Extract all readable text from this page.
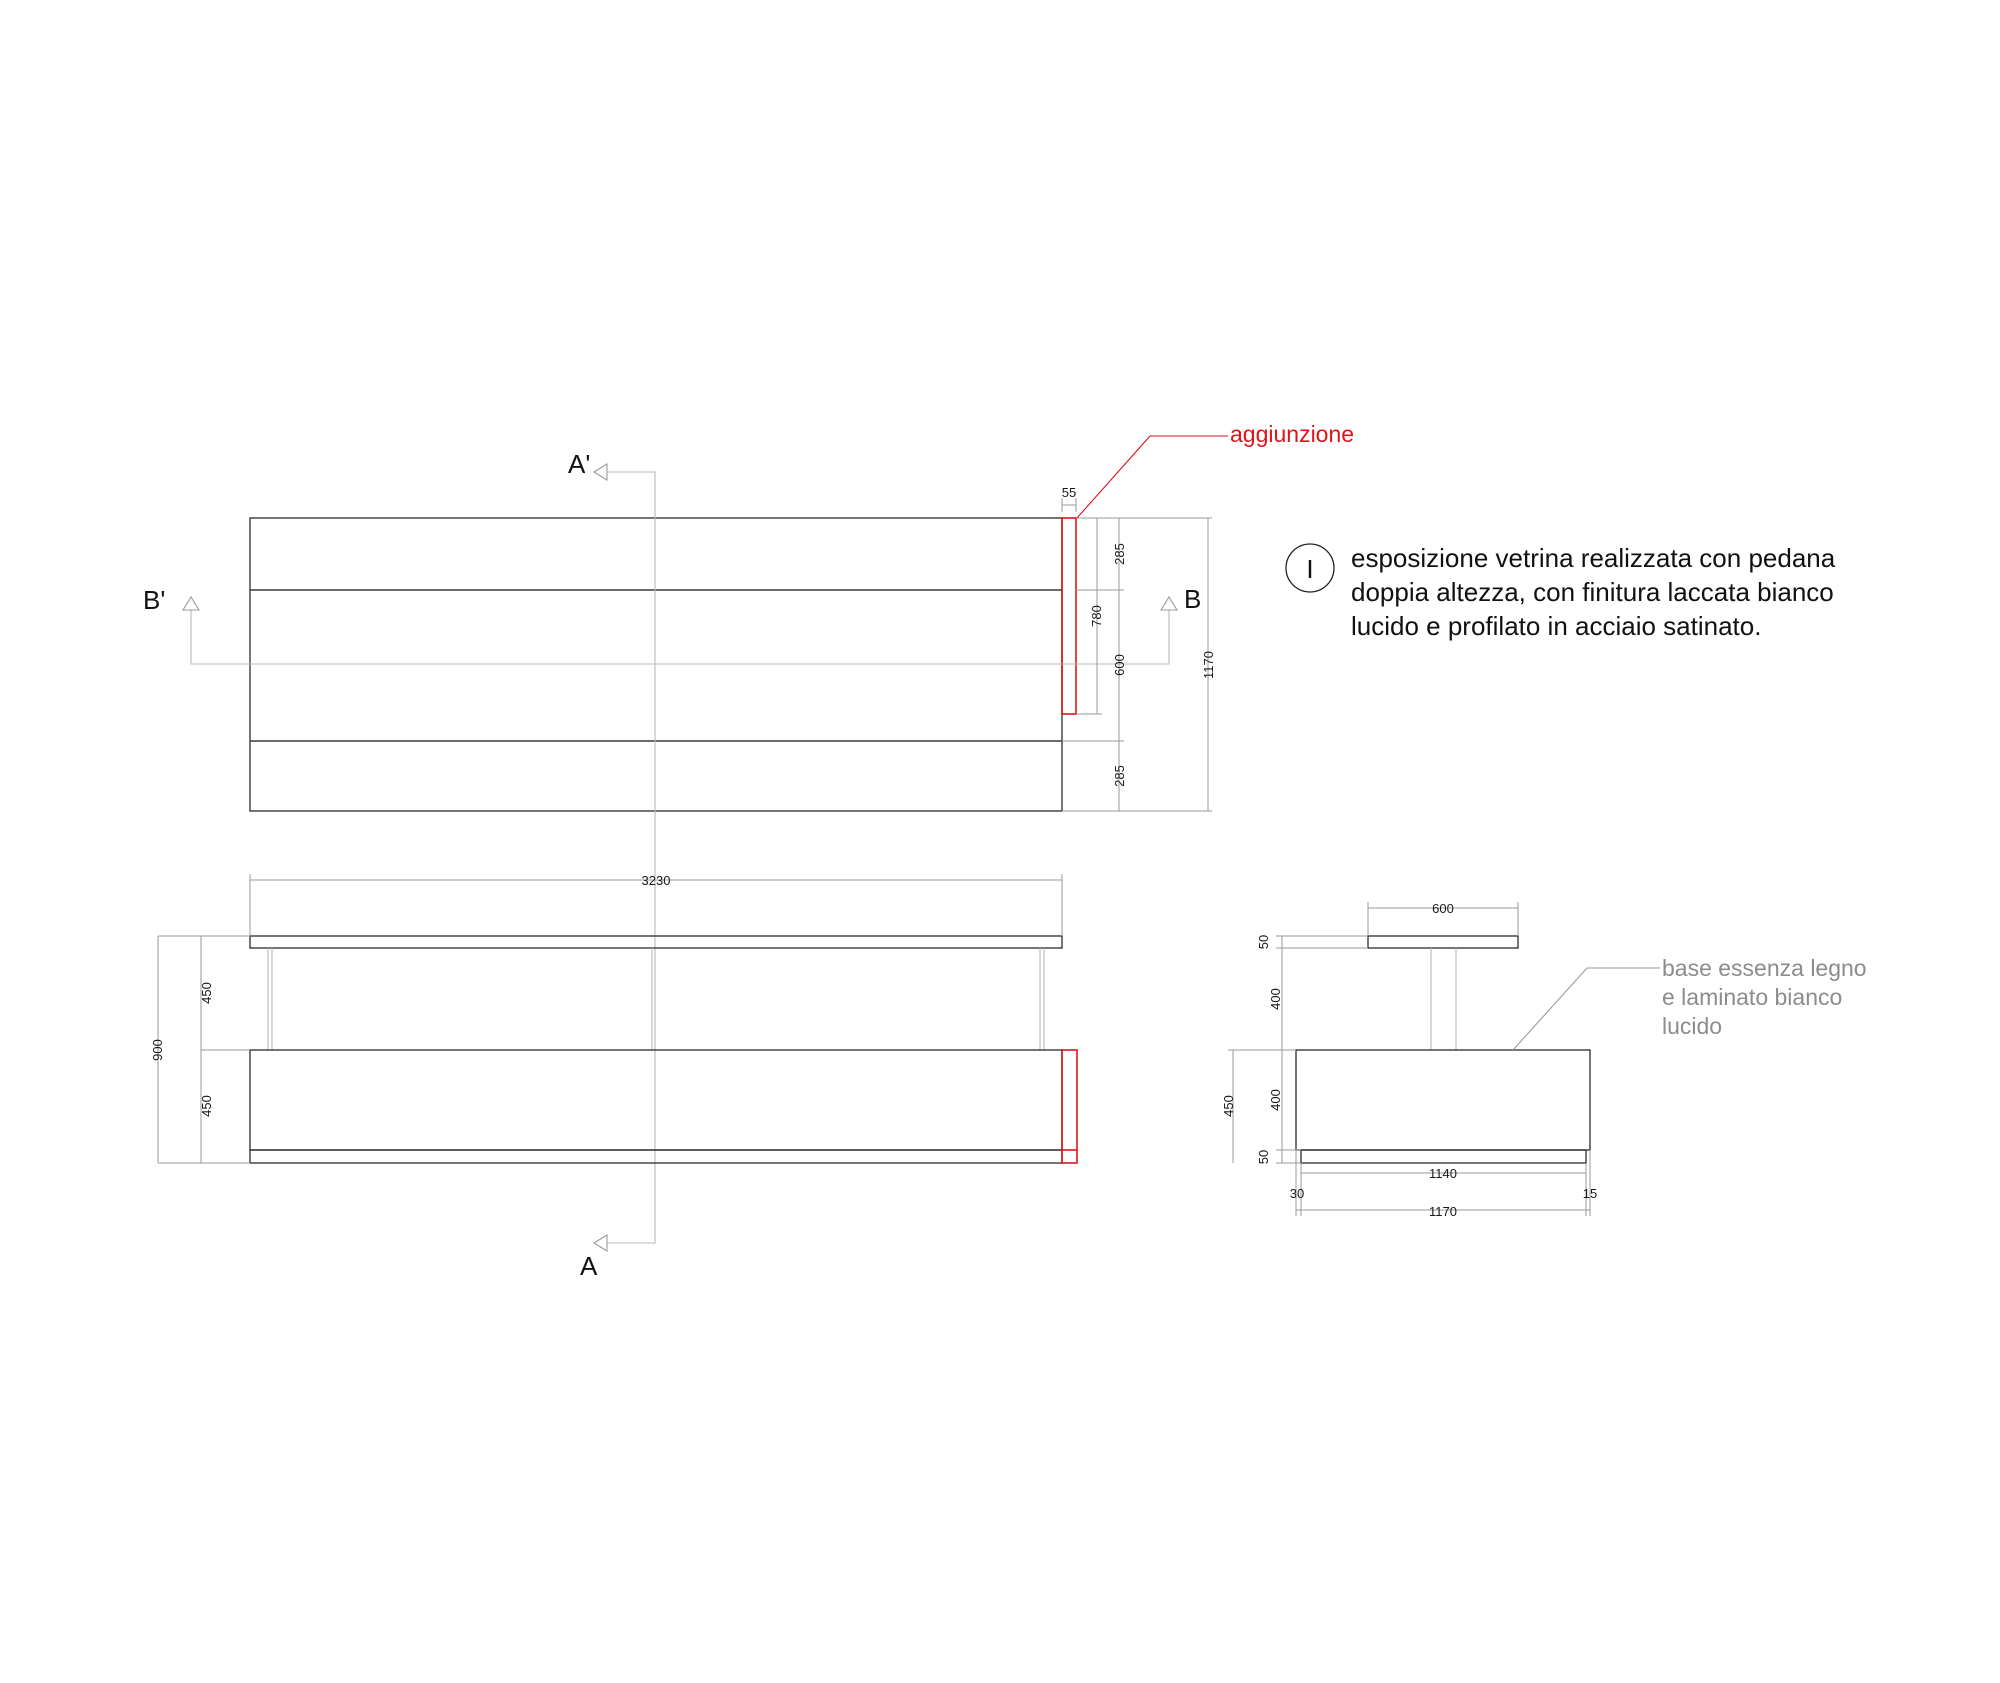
A'
A
B'	B
55
780
285
600
285
1170
aggiunzione
I esposizione vetrina realizzata con pedana
doppia altezza, con finitura laccata bianco
lucido e profilato in acciaio satinato.
3230
900
450
450
600
50
400
400
50
450
1140
30	15
1170
base essenza legno
e laminato bianco
lucido
